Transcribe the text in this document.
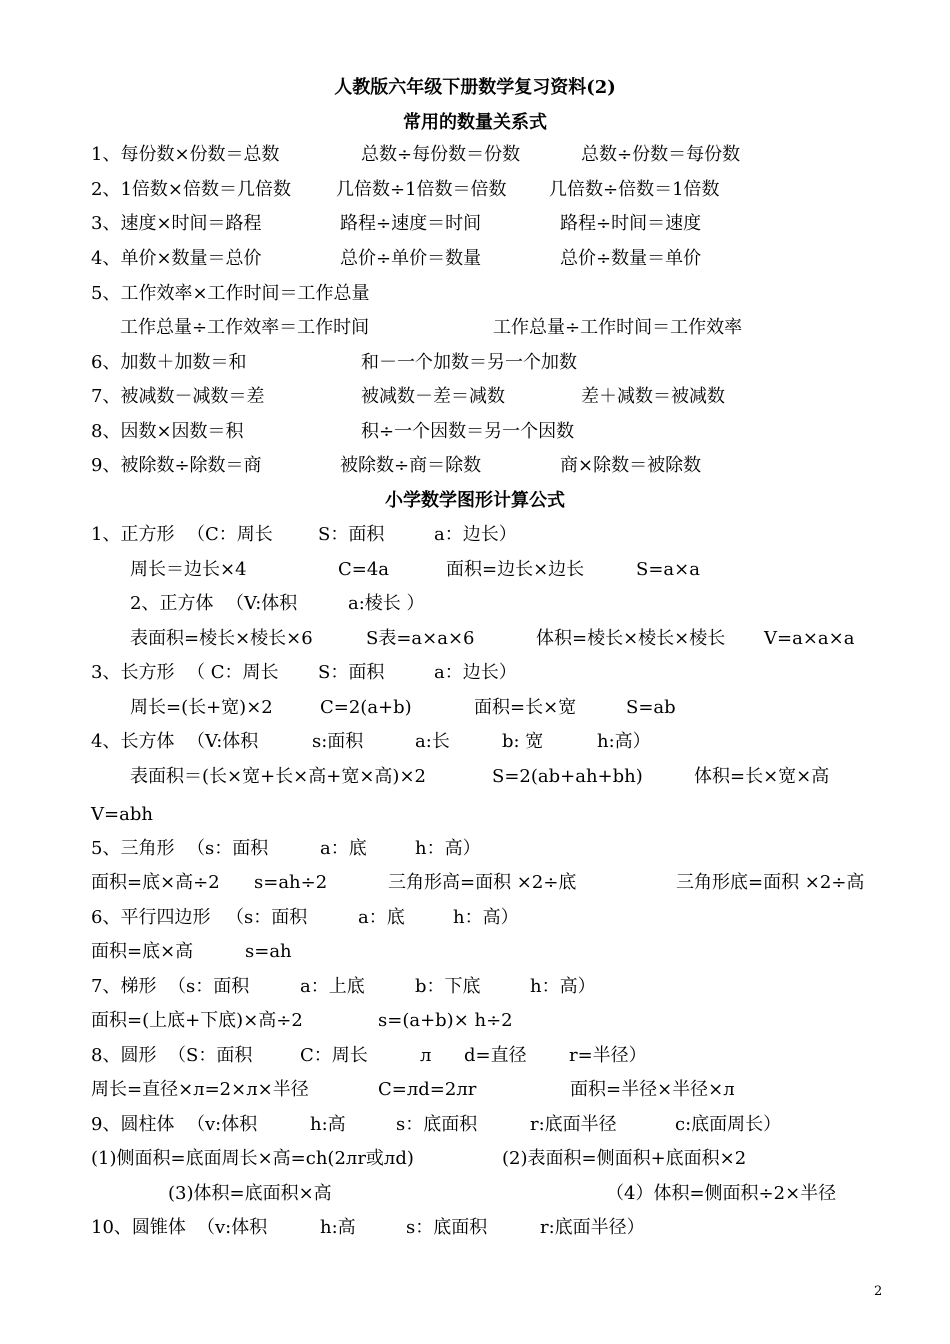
人教版六年级下册数学复习资料(2)
常用的数量关系式
1、每份数×份数＝总数	总数÷每份数＝份数	总数÷份数＝每份数
2、1倍数×倍数＝几倍数	几倍数÷1倍数＝倍数 几倍数÷倍数＝1倍数
3、速度×时间＝路程	路程÷速度＝时间	路程÷时间＝速度
4、单价×数量＝总价	总价÷单价＝数量	总价÷数量＝单价
5、工作效率×工作时间＝工作总量
工作总量÷工作效率＝工作时间	工作总量÷工作时间＝工作效率
6、加数＋加数＝和	和－一个加数＝另一个加数
7、被减数－减数＝差	被减数－差＝减数	差＋减数＝被减数
8、因数×因数＝积	积÷一个因数＝另一个因数
9、被除数÷除数＝商	被除数÷商＝除数	商×除数＝被除数
小学数学图形计算公式
1、正方形 （C：周长	S：面积	a：边长）
周长＝边长×4	C=4a	面积=边长×边长	S=a×a
2、正方体 （V:体积	a:棱长 ）
表面积=棱长×棱长×6	S表=a×a×6	体积=棱长×棱长×棱长 V=a×a×a
3、长方形 （ C：周长 S：面积	a：边长）
周长=(长+宽)×2	C=2(a+b)	面积=长×宽	S=ab
4、长方体 （V:体积	s:面积	a:长	b: 宽	h:高）
表面积＝(长×宽+长×高+宽×高)×2	S=2(ab+ah+bh)	体积=长×宽×高
V=abh
5、三角形 （s：面积	a：底	h：高）
面积=底×高÷2 s=ah÷2	三角形高=面积 ×2÷底	三角形底=面积 ×2÷高
6、平行四边形 （s：面积	a：底	h：高）
面积=底×高	s=ah
7、梯形 （s：面积	a：上底	b：下底	h：高）
面积=(上底+下底)×高÷2	s=(a+b)× h÷2
8、圆形 （S：面积	C：周长	л d=直径 r=半径）
周长=直径×л=2×л×半径	C=лd=2лr	面积=半径×半径×л
9、圆柱体 （v:体积	h:高	s：底面积	r:底面半径	c:底面周长）
(1)侧面积=底面周长×高=ch(2лr或лd)	(2)表面积=侧面积+底面积×2
(3)体积=底面积×高	（4）体积=侧面积÷2×半径
10、圆锥体 （v:体积	h:高	s：底面积	r:底面半径）
2
